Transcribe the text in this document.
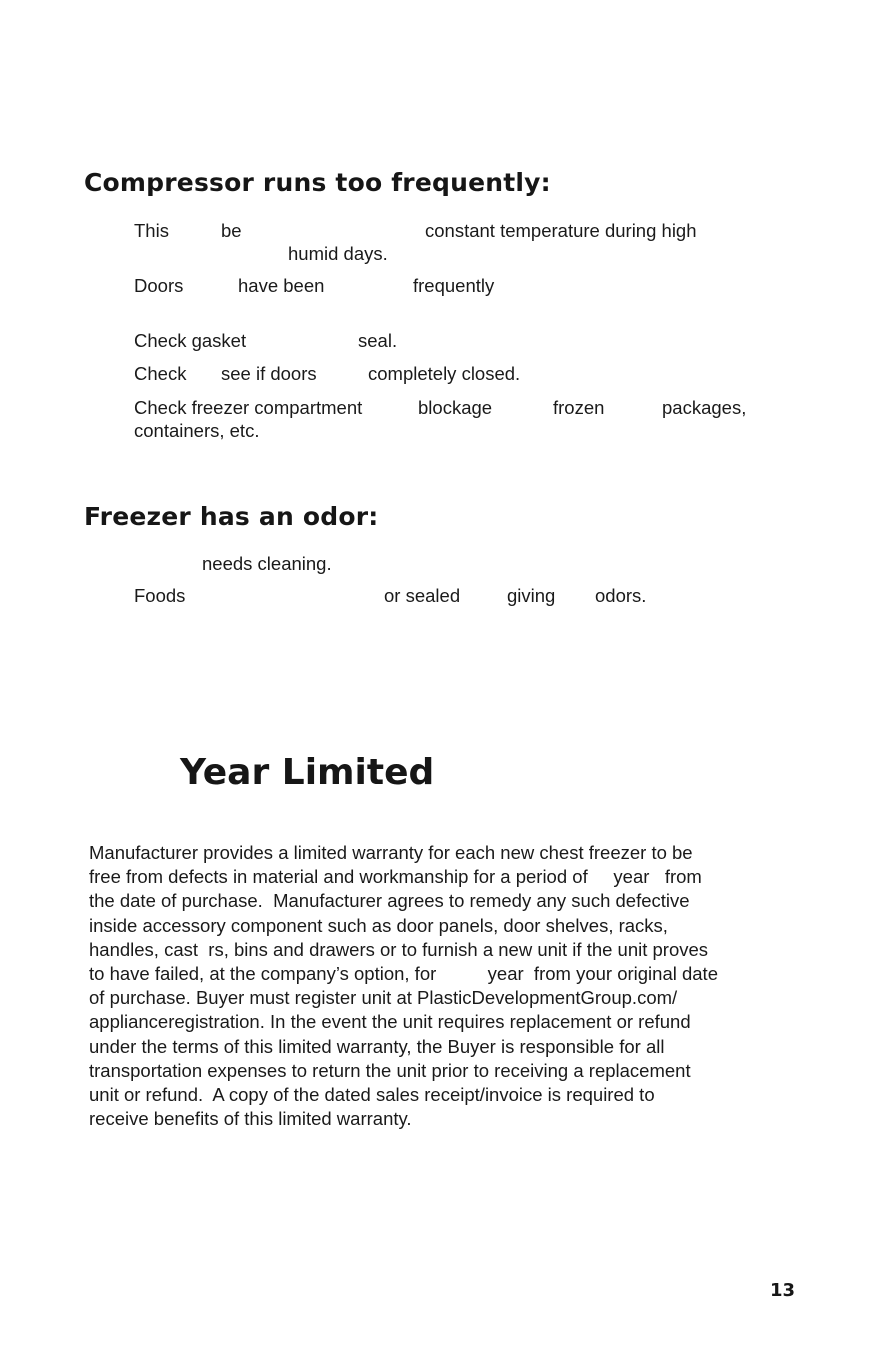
Compressor runs too frequently:
This	be	constant temperature during high
humid days.
Doors	have been	frequently
Check gasket	seal.
Check see if doors	completely closed.
Check freezer compartment	blockage	frozen	packages,
containers, etc.
Freezer has an odor:
needs cleaning.
Foods	or sealed	giving odors.
Year Limited
Manufacturer provides a limited warranty for each new chest freezer to be
free from defects in material and workmanship for a period of     year   from
the date of purchase.  Manufacturer agrees to remedy any such defective
inside accessory component such as door panels, door shelves, racks,
handles, cast  rs, bins and drawers or to furnish a new unit if the unit proves
to have failed, at the company’s option, for          year  from your original date
of purchase. Buyer must register unit at PlasticDevelopmentGroup.com/
applianceregistration. In the event the unit requires replacement or refund
under the terms of this limited warranty, the Buyer is responsible for all
transportation expenses to return the unit prior to receiving a replacement
unit or refund.  A copy of the dated sales receipt/invoice is required to
receive benefits of this limited warranty.
13
